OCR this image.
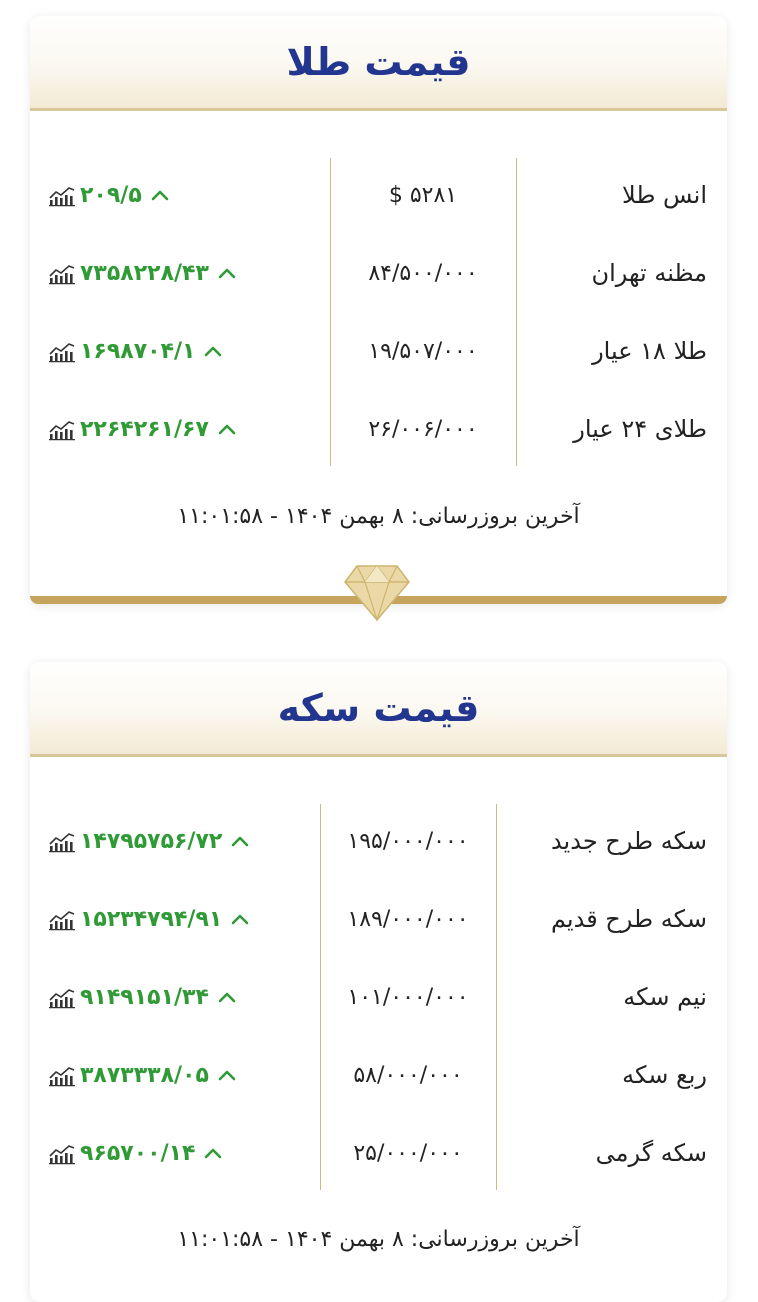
قیمت طلا
انس طلا
$ ۵۲۸۱
۲۰۹/۵
مظنه تهران
۸۴/۵۰۰/۰۰۰
۷۳۵۸۲۲۸/۴۳
طلا ۱۸ عیار
۱۹/۵۰۷/۰۰۰
۱۶۹۸۷۰۴/۱
طلای ۲۴ عیار
۲۶/۰۰۶/۰۰۰
۲۲۶۴۲۶۱/۶۷
آخرین بروزرسانی: ۸ بهمن ۱۴۰۴ - ۱۱:۰۱:۵۸
قیمت سکه
سکه طرح جدید
۱۹۵/۰۰۰/۰۰۰
۱۴۷۹۵۷۵۶/۷۲
سکه طرح قدیم
۱۸۹/۰۰۰/۰۰۰
۱۵۲۳۴۷۹۴/۹۱
نیم سکه
۱۰۱/۰۰۰/۰۰۰
۹۱۴۹۱۵۱/۳۴
ربع سکه
۵۸/۰۰۰/۰۰۰
۳۸۷۳۳۳۸/۰۵
سکه گرمی
۲۵/۰۰۰/۰۰۰
۹۶۵۷۰۰/۱۴
آخرین بروزرسانی: ۸ بهمن ۱۴۰۴ - ۱۱:۰۱:۵۸
